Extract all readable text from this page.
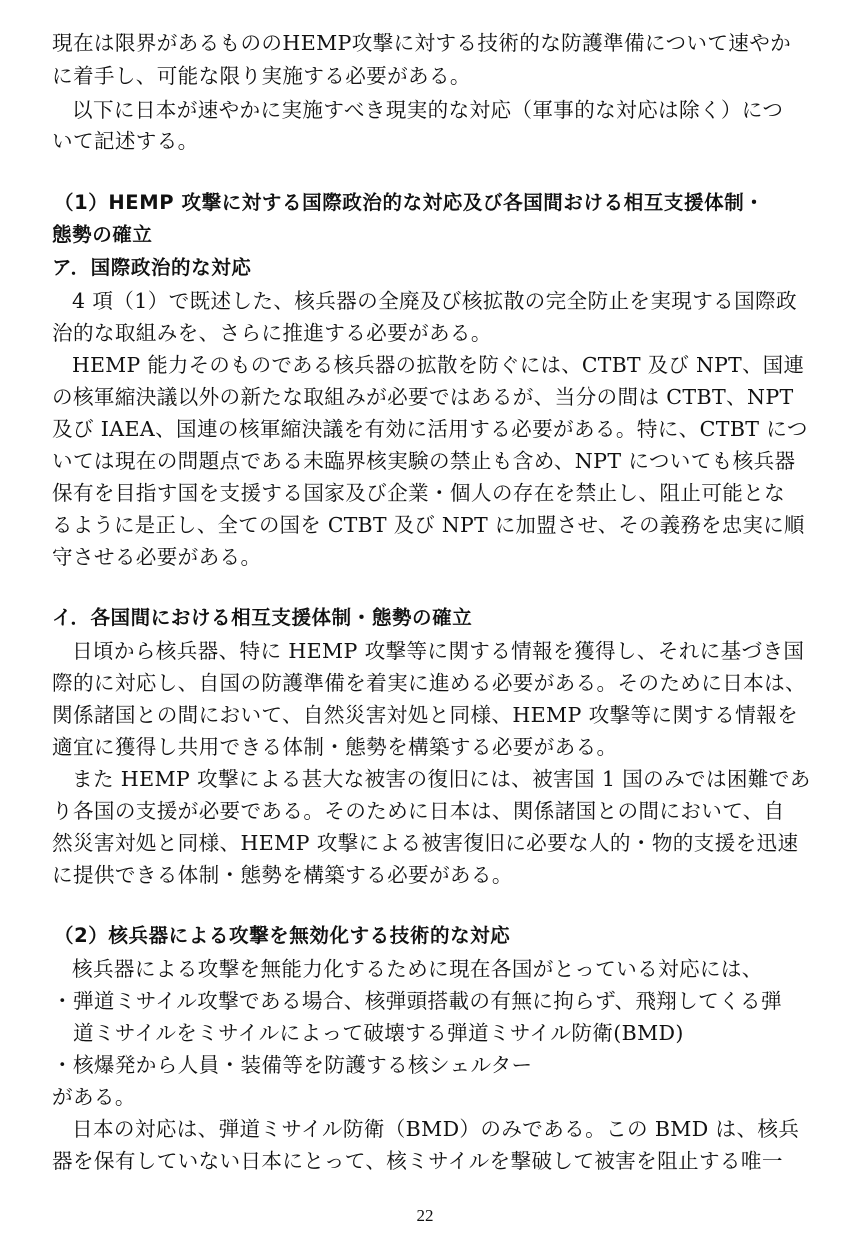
現在は限界があるもののHEMP攻撃に対する技術的な防護準備について速やか
に着手し、可能な限り実施する必要がある。
以下に日本が速やかに実施すべき現実的な対応（軍事的な対応は除く）につ
いて記述する。
（1）HEMP 攻撃に対する国際政治的な対応及び各国間おける相互支援体制・
態勢の確立
ア．国際政治的な対応
4 項（1）で既述した、核兵器の全廃及び核拡散の完全防止を実現する国際政
治的な取組みを、さらに推進する必要がある。
HEMP 能力そのものである核兵器の拡散を防ぐには、CTBT 及び NPT、国連
の核軍縮決議以外の新たな取組みが必要ではあるが、当分の間は CTBT、NPT
及び IAEA、国連の核軍縮決議を有効に活用する必要がある。特に、CTBT につ
いては現在の問題点である未臨界核実験の禁止も含め、NPT についても核兵器
保有を目指す国を支援する国家及び企業・個人の存在を禁止し、阻止可能とな
るように是正し、全ての国を CTBT 及び NPT に加盟させ、その義務を忠実に順
守させる必要がある。
イ．各国間における相互支援体制・態勢の確立
日頃から核兵器、特に HEMP 攻撃等に関する情報を獲得し、それに基づき国
際的に対応し、自国の防護準備を着実に進める必要がある。そのために日本は、
関係諸国との間において、自然災害対処と同様、HEMP 攻撃等に関する情報を
適宜に獲得し共用できる体制・態勢を構築する必要がある。
また HEMP 攻撃による甚大な被害の復旧には、被害国 1 国のみでは困難であ
り各国の支援が必要である。そのために日本は、関係諸国との間において、自
然災害対処と同様、HEMP 攻撃による被害復旧に必要な人的・物的支援を迅速
に提供できる体制・態勢を構築する必要がある。
（2）核兵器による攻撃を無効化する技術的な対応
核兵器による攻撃を無能力化するために現在各国がとっている対応には、
・弾道ミサイル攻撃である場合、核弾頭搭載の有無に拘らず、飛翔してくる弾
道ミサイルをミサイルによって破壊する弾道ミサイル防衛(BMD)
・核爆発から人員・装備等を防護する核シェルター
がある。
日本の対応は、弾道ミサイル防衛（BMD）のみである。この BMD は、核兵
器を保有していない日本にとって、核ミサイルを撃破して被害を阻止する唯一
22
